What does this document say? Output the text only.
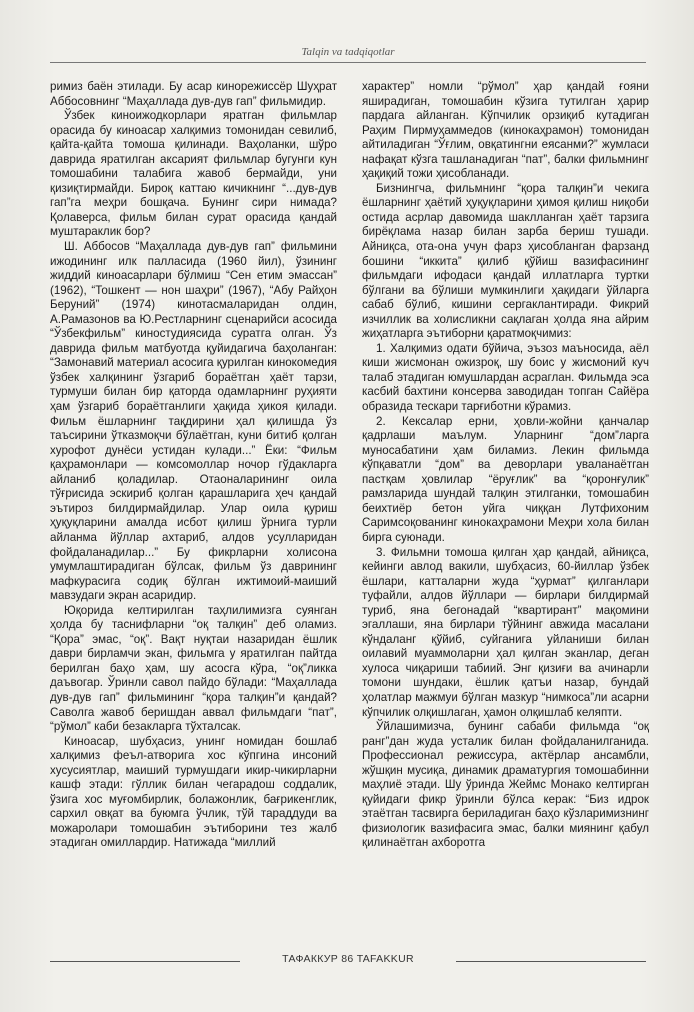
Talqin va tadqiqotlar

римиз баён этилади. Бу асар кинорежиссёр Шуҳрат Аббосовнинг “Маҳаллада дув-дув гап” фильмидир.

Ўзбек киноижодкорлари яратган фильмлар орасида бу киноасар халқимиз томонидан севилиб, қайта-қайта томоша қилинади. Ваҳоланки, шўро даврида яратилган аксарият фильмлар бугунги кун томошабини талабига жавоб бермайди, уни қизиқтирмайди. Бироқ каттаю кичикнинг “...дув-дув гап”га меҳри бошқача. Бунинг сири нимада? Қолаверса, фильм билан сурат орасида қандай муштараклик бор?

Ш. Аббосов “Маҳаллада дув-дув гап” фильмини ижодининг илк палласида (1960 йил), ўзининг жиддий киноасарлари бўлмиш “Сен етим эмассан” (1962), “Тошкент — нон шаҳри” (1967), “Абу Райҳон Беруний” (1974) кинотасмаларидан олдин, А.Рамазонов ва Ю.Рестларнинг сценарийси асосида “Ўзбекфильм” киностудиясида суратга олган. Ўз даврида фильм матбуотда қуйидагича баҳоланган: “Замонавий материал асосига қурилган кинокомедия ўзбек халқининг ўзгариб бораётган ҳаёт тарзи, турмуши билан бир қаторда одамларнинг руҳияти ҳам ўзгариб бораётганлиги ҳақида ҳикоя қилади. Фильм ёшларнинг тақдирини ҳал қилишда ўз таъсирини ўтказмоқчи бўлаётган, куни битиб қолган хурофот дунёси устидан кулади...” Ёки: “Фильм қаҳрамонлари — комсомоллар ночор гўдакларга айланиб қоладилар. Отаоналарининг оила тўғрисида эскириб қолган қарашларига ҳеч қандай эътироз билдирмайдилар. Улар оила қуриш ҳуқуқларини амалда исбот қилиш ўрнига турли айланма йўллар ахтариб, алдов усулларидан фойдаланадилар...” Бу фикрларни холисона умумлаштирадиган бўлсак, фильм ўз даврининг мафкурасига содиқ бўлган ижтимоий-маиший мавзудаги экран асаридир.

Юқорида келтирилган таҳлилимизга суянган ҳолда бу таснифларни “оқ талқин” деб оламиз. “Қора” эмас, “оқ”. Вақт нуқтаи назаридан ёшлик даври бирламчи экан, фильмга у яратилган пайтда берилган баҳо ҳам, шу асосга кўра, “оқ”ликка даъвогар. Ўринли савол пайдо бўлади: “Маҳаллада дув-дув гап” фильмининг “қора талқин”и қандай? Саволга жавоб беришдан аввал фильмдаги “пат”, “рўмол” каби безакларга тўхталсак.

Киноасар, шубҳасиз, унинг номидан бошлаб халқимиз феъл-атворига хос кўпгина инсоний хусусиятлар, маиший турмушдаги икир-чикирларни кашф этади: гўллик билан чегарадош соддалик, ўзига хос муғомбирлик, болажонлик, бағрикенглик, сархил овқат ва буюмга ўчлик, тўй тараддуди ва можаролари томошабин эътиборини тез жалб этадиган омиллардир. Натижада “миллий

характер” номли “рўмол” ҳар қандай ғояни яширадиган, томошабин кўзига тутилган ҳарир пардага айланган. Кўпчилик орзиқиб кутадиган Раҳим Пирмуҳаммедов (кинокаҳрамон) томонидан айтиладиган “Ўғлим, овқатингни еясанми?” жумласи нафақат кўзга ташланадиган “пат”, балки фильмнинг ҳақиқий тожи ҳисобланади.

Бизнингча, фильмнинг “қора талқин”и чекига ёшларнинг ҳаётий ҳуқуқларини ҳимоя қилиш ниқоби остида асрлар давомида шаклланган ҳаёт тарзига бирёқлама назар билан зарба бериш тушади. Айниқса, ота-она учун фарз ҳисобланган фарзанд бошини “иккита” қилиб қўйиш вазифасининг фильмдаги ифодаси қандай иллатларга туртки бўлгани ва бўлиши мумкинлиги ҳақидаги ўйларга сабаб бўлиб, кишини сергаклантиради. Фикрий изчиллик ва холисликни сақлаган ҳолда яна айрим жиҳатларга эътиборни қаратмоқчимиз:

1. Халқимиз одати бўйича, эъзоз маъносида, аёл киши жисмонан ожизроқ, шу боис у жисмоний куч талаб этадиган юмушлардан асраглан. Фильмда эса касбий бахтини консерва заводидан топган Сайёра образида тескари тарғиботни кўрамиз.

2. Кексалар ерни, ҳовли-жойни қанчалар қадрлаши маълум. Уларнинг “дом”ларга муносабатини ҳам биламиз. Лекин фильмда кўпқаватли “дом” ва деворлари уваланаётган пастқам ҳовлилар “ёруғлик” ва “қоронғулик” рамзларида шундай талқин этилганки, томошабин беихтиёр бетон уйга чиққан Лутфихоним Саримсоқованинг кинокаҳрамони Меҳри хола билан бирга суюнади.

3. Фильмни томоша қилган ҳар қандай, айниқса, кейинги авлод вакили, шубҳасиз, 60-йиллар ўзбек ёшлари, катталарни жуда “ҳурмат” қилганлари туфайли, алдов йўллари — бирлари билдирмай туриб, яна бегонадай “квартирант” мақомини эгаллаши, яна бирлари тўйнинг авжида масалани кўндаланг қўйиб, суйганига уйланиши билан оилавий муаммоларни ҳал қилган эканлар, деган хулоса чиқариши табиий. Энг қизиғи ва ачинарли томони шундаки, ёшлик қатъи назар, бундай ҳолатлар мажмуи бўлган мазкур “нимкоса”ли асарни кўпчилик олқишлаган, ҳамон олқишлаб келяпти.

Ўйлашимизча, бунинг сабаби фильмда “оқ ранг”дан жуда усталик билан фойдаланилганида. Профессионал режиссура, актёрлар ансамбли, жўшқин мусиқа, динамик драматургия томошабинни маҳлиё этади. Шу ўринда Жеймс Монако келтирган қуйидаги фикр ўринли бўлса керак: “Биз идрок этаётган тасвирга бериладиган баҳо кўзларимизнинг физиологик вазифасига эмас, балки миянинг қабул қилинаётган ахборотга

ТАФАККУР 86 TAFAKKUR
